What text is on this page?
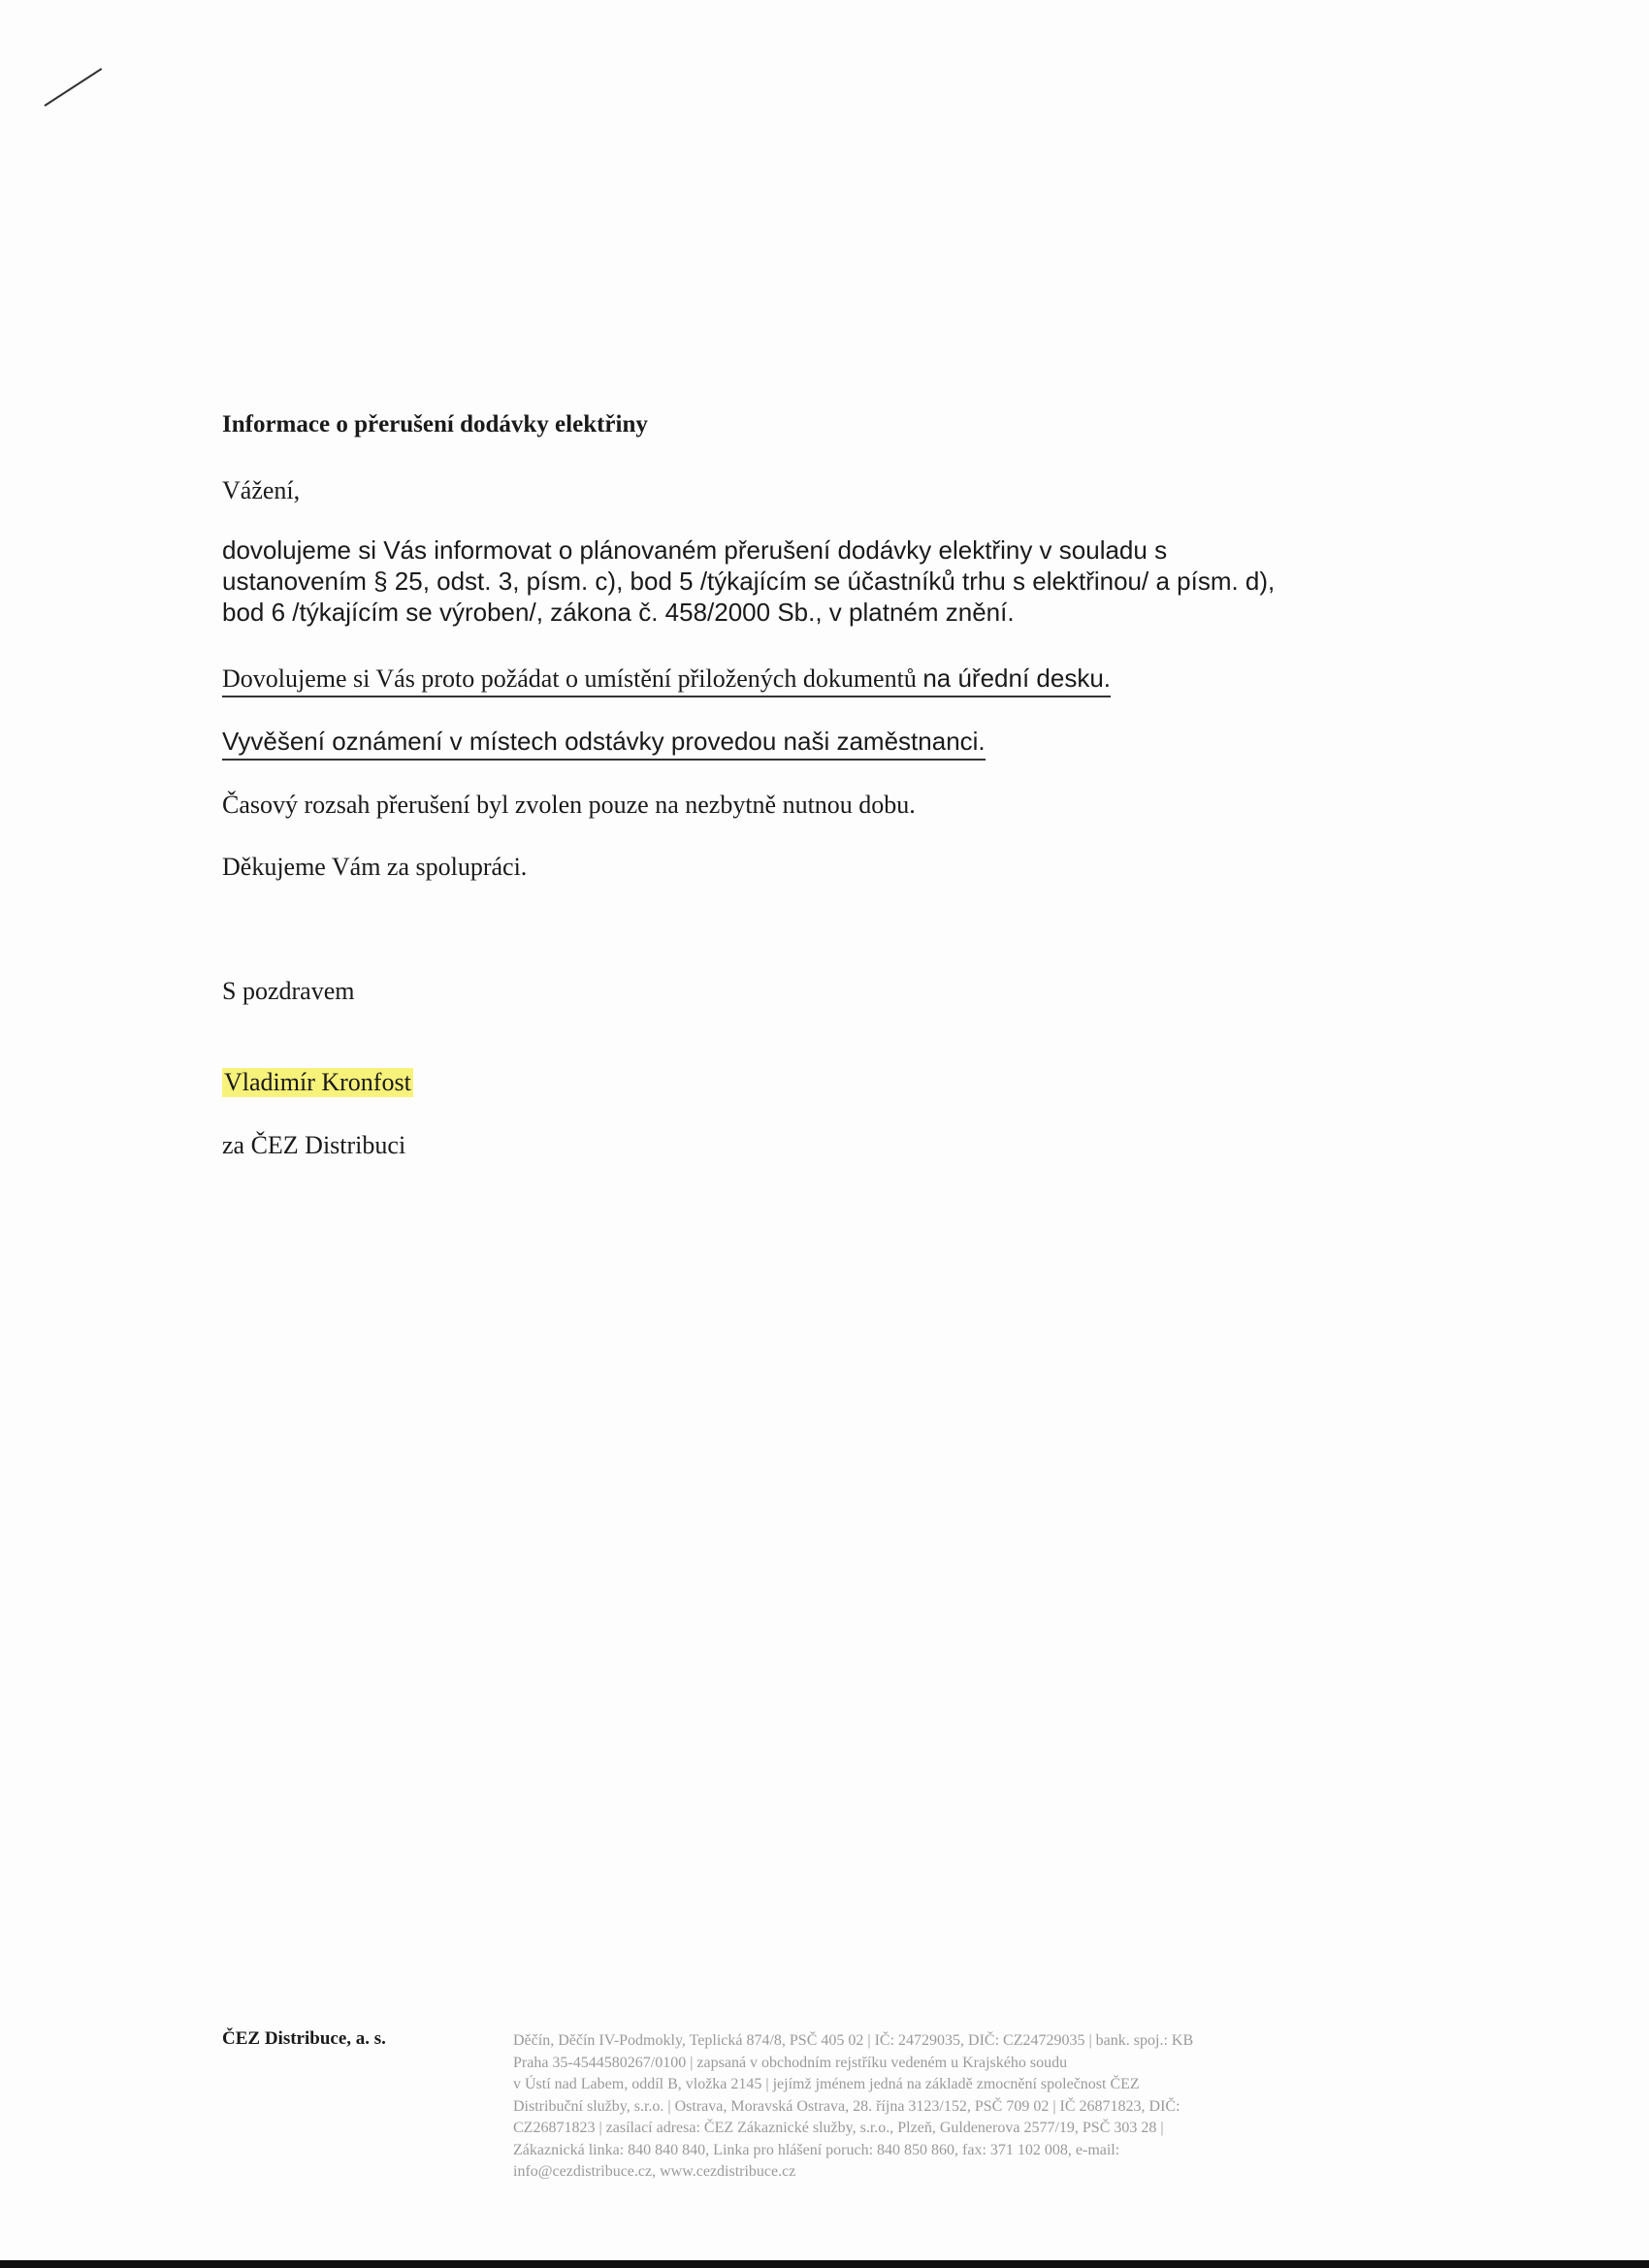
Informace o přerušení dodávky elektřiny
Vážení,
dovolujeme si Vás informovat o plánovaném přerušení dodávky elektřiny v souladu s
ustanovením § 25, odst. 3, písm. c), bod 5 /týkajícím se účastníků trhu s elektřinou/ a písm. d),
bod 6 /týkajícím se výroben/, zákona č. 458/2000 Sb., v platném znění.
Dovolujeme si Vás proto požádat o umístění přiložených dokumentů na úřední desku.
Vyvěšení oznámení v místech odstávky provedou naši zaměstnanci.
Časový rozsah přerušení byl zvolen pouze na nezbytně nutnou dobu.
Děkujeme Vám za spolupráci.
S pozdravem
Vladimír Kronfost
za ČEZ Distribuci
ČEZ Distribuce, a. s.	Děčín, Děčín IV-Podmokly, Teplická 874/8, PSČ 405 02 | IČ: 24729035, DIČ: CZ24729035 | bank. spoj.: KB
Praha 35-4544580267/0100 | zapsaná v obchodním rejstříku vedeném u Krajského soudu
v Ústí nad Labem, oddíl B, vložka 2145 | jejímž jménem jedná na základě zmocnění společnost ČEZ
Distribuční služby, s.r.o. | Ostrava, Moravská Ostrava, 28. října 3123/152, PSČ 709 02 | IČ 26871823, DIČ:
CZ26871823 | zasílací adresa: ČEZ Zákaznické služby, s.r.o., Plzeň, Guldenerova 2577/19, PSČ 303 28 |
Zákaznická linka: 840 840 840, Linka pro hlášení poruch: 840 850 860, fax: 371 102 008, e-mail:
info@cezdistribuce.cz, www.cezdistribuce.cz
